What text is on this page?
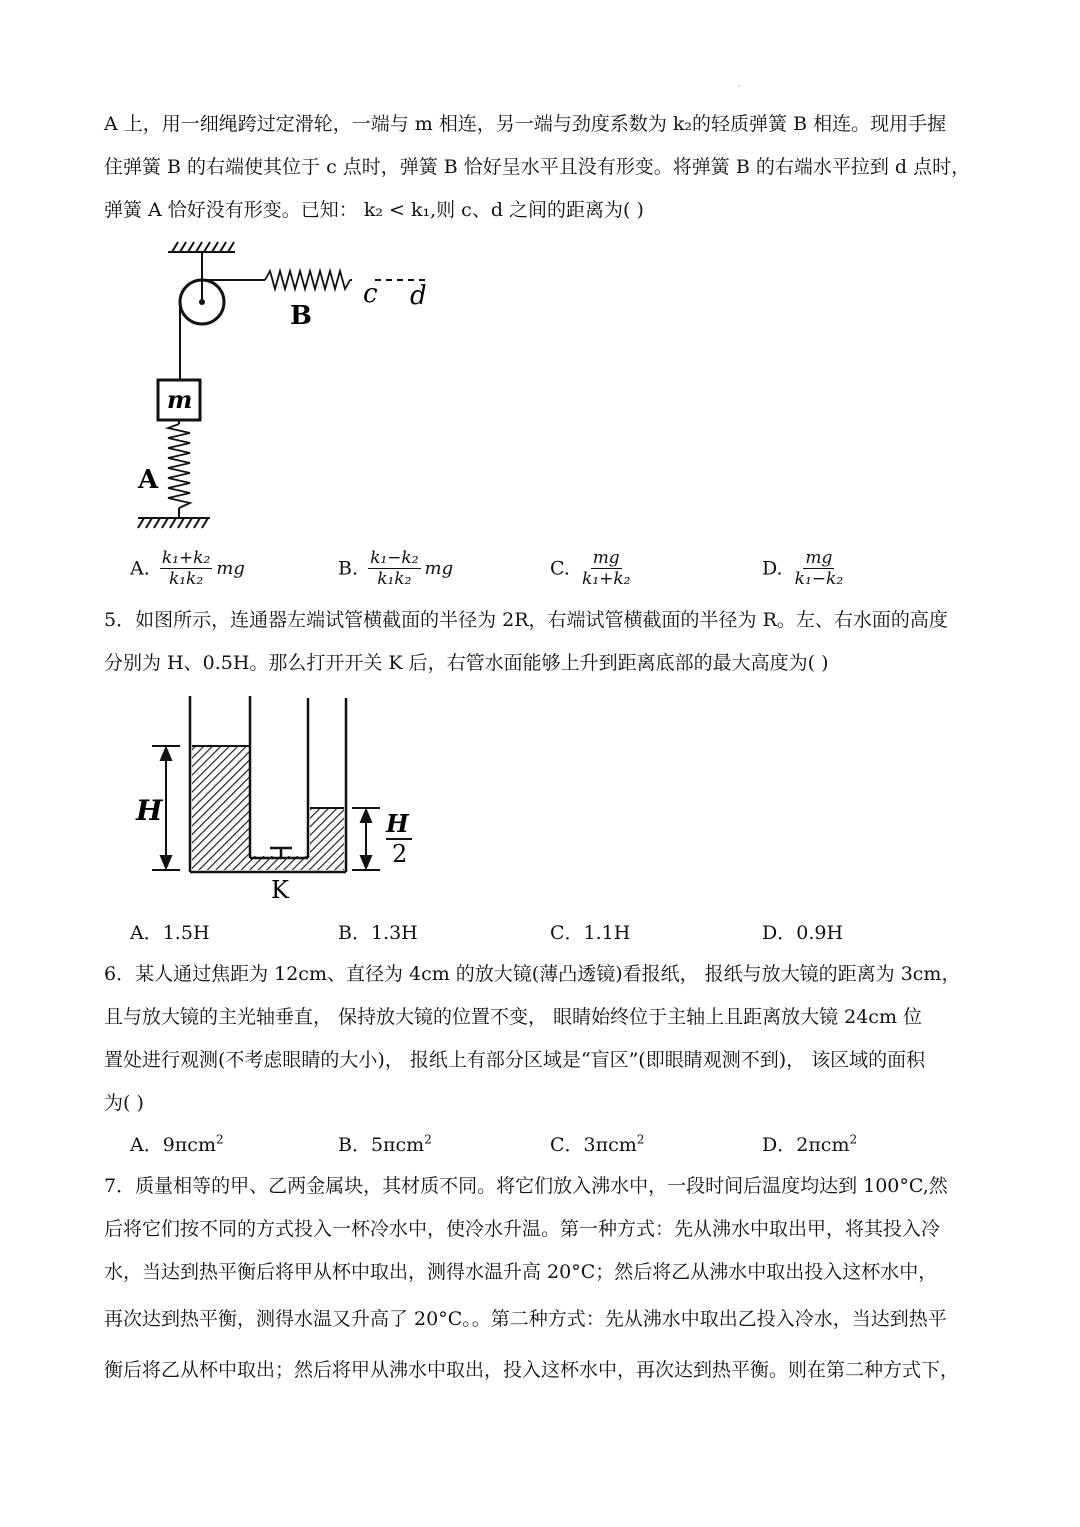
·
A 上，用一细绳跨过定滑轮，一端与 m 相连，另一端与劲度系数为 k₂的轻质弹簧 B 相连。现用手握
住弹簧 B 的右端使其位于 c 点时，弹簧 B 恰好呈水平且没有形变。将弹簧 B 的右端水平拉到 d 点时，
弹簧 A 恰好没有形变。已知： k₂ < k₁,则 c、d 之间的距离为( )
c d
B
m
A
A. $\frac{\text{k₁+k₂}}{\text{k₁k₂}}$ mg	B. $\frac{\text{k₁−k₂}}{\text{k₁k₂}}$ mg	C. $\frac{mg}{\text{k₁+k₂}}$	D. $\frac{mg}{\text{k₁−k₂}}$
5．如图所示，连通器左端试管横截面的半径为 2R，右端试管横截面的半径为 R。左、右水面的高度
分别为 H、0.5H。那么打开开关 K 后，右管水面能够上升到距离底部的最大高度为( )
K
H	H
2
A．1.5H	B．1.3H	C．1.1H	D．0.9H
6．某人通过焦距为 12cm、直径为 4cm 的放大镜(薄凸透镜)看报纸， 报纸与放大镜的距离为 3cm，
且与放大镜的主光轴垂直， 保持放大镜的位置不变， 眼睛始终位于主轴上且距离放大镜 24cm 位
置处进行观测(不考虑眼睛的大小)， 报纸上有部分区域是“盲区”(即眼睛观测不到)， 该区域的面积
为( )
A．9πcm$^2$	B．5πcm$^2$	C．3πcm$^2$	D．2πcm$^2$
7．质量相等的甲、乙两金属块，其材质不同。将它们放入沸水中，一段时间后温度均达到 100°C,然
后将它们按不同的方式投入一杯冷水中，使冷水升温。第一种方式：先从沸水中取出甲，将其投入冷
水，当达到热平衡后将甲从杯中取出，测得水温升高 20°C；然后将乙从沸水中取出投入这杯水中，
再次达到热平衡，测得水温又升高了 20°C。。第二种方式：先从沸水中取出乙投入冷水，当达到热平
衡后将乙从杯中取出；然后将甲从沸水中取出，投入这杯水中，再次达到热平衡。则在第二种方式下，
